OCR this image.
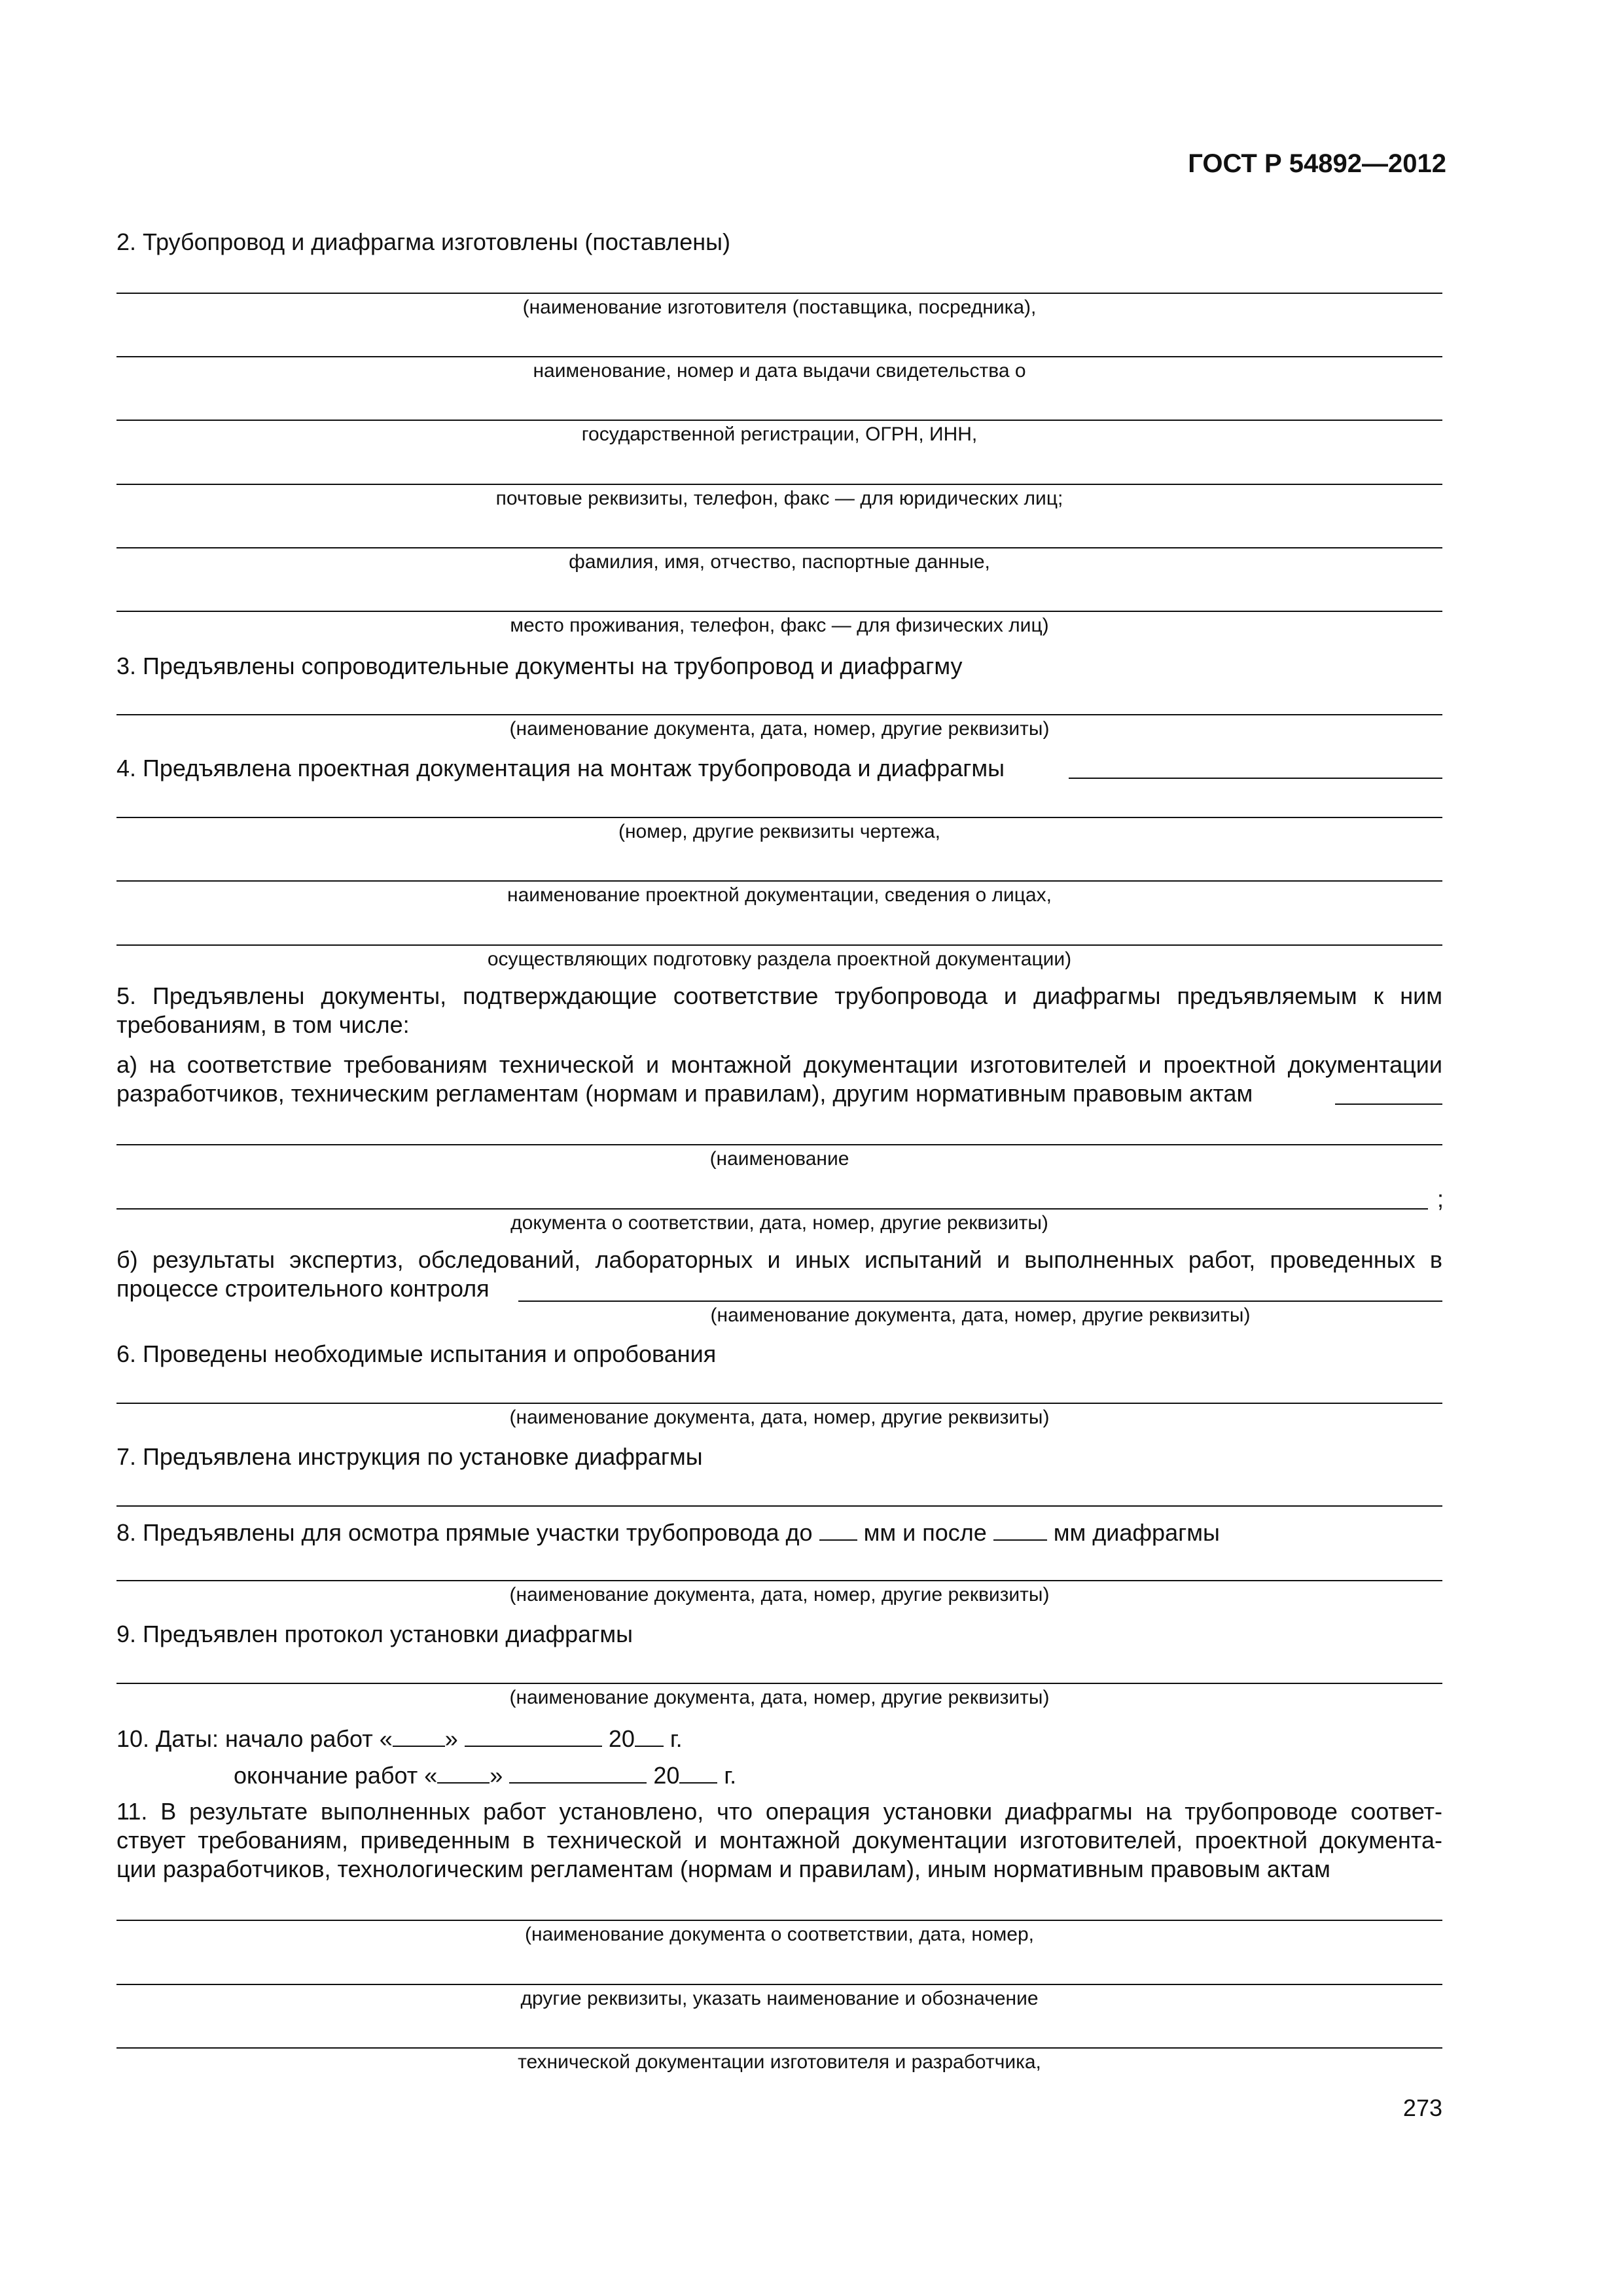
ГОСТ Р 54892—2012
2. Трубопровод и диафрагма изготовлены (поставлены)
(наименование изготовителя (поставщика, посредника),
наименование, номер и дата выдачи свидетельства о
государственной регистрации, ОГРН, ИНН,
почтовые реквизиты, телефон, факс — для юридических лиц;
фамилия, имя, отчество, паспортные данные,
место проживания, телефон, факс — для физических лиц)
3. Предъявлены сопроводительные документы на трубопровод и диафрагму
(наименование документа, дата, номер, другие реквизиты)
4. Предъявлена проектная документация на монтаж трубопровода и диафрагмы
(номер, другие реквизиты чертежа,
наименование проектной документации, сведения о лицах,
осуществляющих подготовку раздела проектной документации)
5. Предъявлены документы, подтверждающие соответствие трубопровода и диафрагмы предъявляемым к ним
требованиям, в том числе:
а) на соответствие требованиям технической и монтажной документации изготовителей и проектной документации
разработчиков, техническим регламентам (нормам и правилам), другим нормативным правовым актам
(наименование
;
документа о соответствии, дата, номер, другие реквизиты)
б) результаты экспертиз, обследований, лабораторных и иных испытаний и выполненных работ, проведенных в
процессе строительного контроля
(наименование документа, дата, номер, другие реквизиты)
6. Проведены необходимые испытания и опробования
(наименование документа, дата, номер, другие реквизиты)
7. Предъявлена инструкция по установке диафрагмы
8. Предъявлены для осмотра прямые участки трубопровода до мм и после	мм диафрагмы
(наименование документа, дата, номер, другие реквизиты)
9. Предъявлен протокол установки диафрагмы
(наименование документа, дата, номер, другие реквизиты)
10. Даты: начало работ « »	20 г.
окончание работ « »	20 г.
11. В результате выполненных работ установлено, что операция установки диафрагмы на трубопроводе соответ-
ствует требованиям, приведенным в технической и монтажной документации изготовителей, проектной документа-
ции разработчиков, технологическим регламентам (нормам и правилам), иным нормативным правовым актам
(наименование документа о соответствии, дата, номер,
другие реквизиты, указать наименование и обозначение
технической документации изготовителя и разработчика,
273
